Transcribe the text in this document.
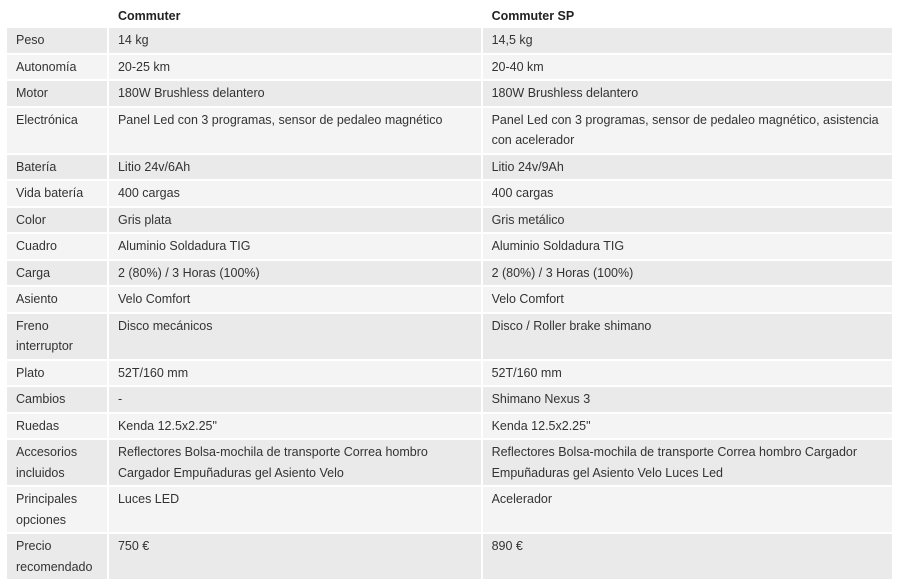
	Commuter	Commuter SP
Peso	14 kg	14,5 kg
Autonomía	20-25 km	20-40 km
Motor	180W Brushless delantero	180W Brushless delantero
Electrónica	Panel Led con 3 programas, sensor de pedaleo magnético	Panel Led con 3 programas, sensor de pedaleo magnético, asistencia con acelerador
Batería	Litio 24v/6Ah	Litio 24v/9Ah
Vida batería	400 cargas	400 cargas
Color	Gris plata	Gris metálico
Cuadro	Aluminio Soldadura TIG	Aluminio Soldadura TIG
Carga	2 (80%) / 3 Horas (100%)	2 (80%) / 3 Horas (100%)
Asiento	Velo Comfort	Velo Comfort
Freno interruptor	Disco mecánicos	Disco / Roller brake shimano
Plato	52T/160 mm	52T/160 mm
Cambios	-	Shimano Nexus 3
Ruedas	Kenda 12.5x2.25"	Kenda 12.5x2.25"
Accesorios incluidos	Reflectores Bolsa-mochila de transporte Correa hombro Cargador Empuñaduras gel Asiento Velo	Reflectores Bolsa-mochila de transporte Correa hombro Cargador Empuñaduras gel Asiento Velo Luces Led
Principales opciones	Luces LED	Acelerador
Precio recomendado	750 €	890 €
